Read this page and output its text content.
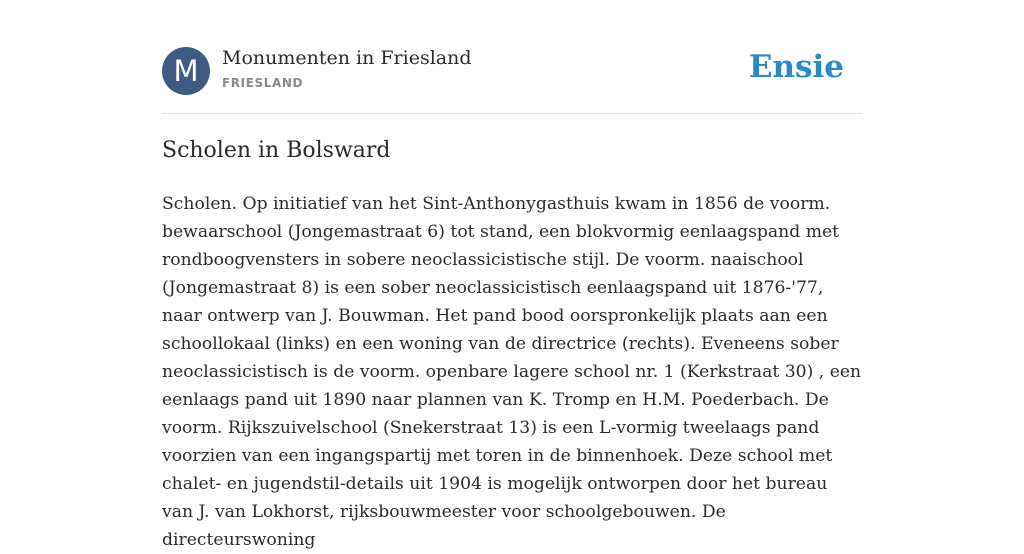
M	Monumenten in Friesland
FRIESLAND	Ensie
Scholen in Bolsward

Scholen. Op initiatief van het Sint-Anthonygasthuis kwam in 1856 de voorm. bewaarschool (Jongemastraat 6) tot stand, een blokvormig eenlaagspand met rondboogvensters in sobere neoclassicistische stijl. De voorm. naaischool (Jongemastraat 8) is een sober neoclassicistisch eenlaagspand uit 1876-'77, naar ontwerp van J. Bouwman. Het pand bood oorspronkelijk plaats aan een schoollokaal (links) en een woning van de directrice (rechts). Eveneens sober neoclassicistisch is de voorm. openbare lagere school nr. 1 (Kerkstraat 30) , een eenlaags pand uit 1890 naar plannen van K. Tromp en H.M. Poederbach. De voorm. Rijkszuivelschool (Snekerstraat 13) is een L-vormig tweelaags pand voorzien van een ingangspartij met toren in de binnenhoek. Deze school met chalet- en jugendstil-details uit 1904 is mogelijk ontworpen door het bureau van J. van Lokhorst, rijksbouwmeester voor schoolgebouwen. De directeurswoning
